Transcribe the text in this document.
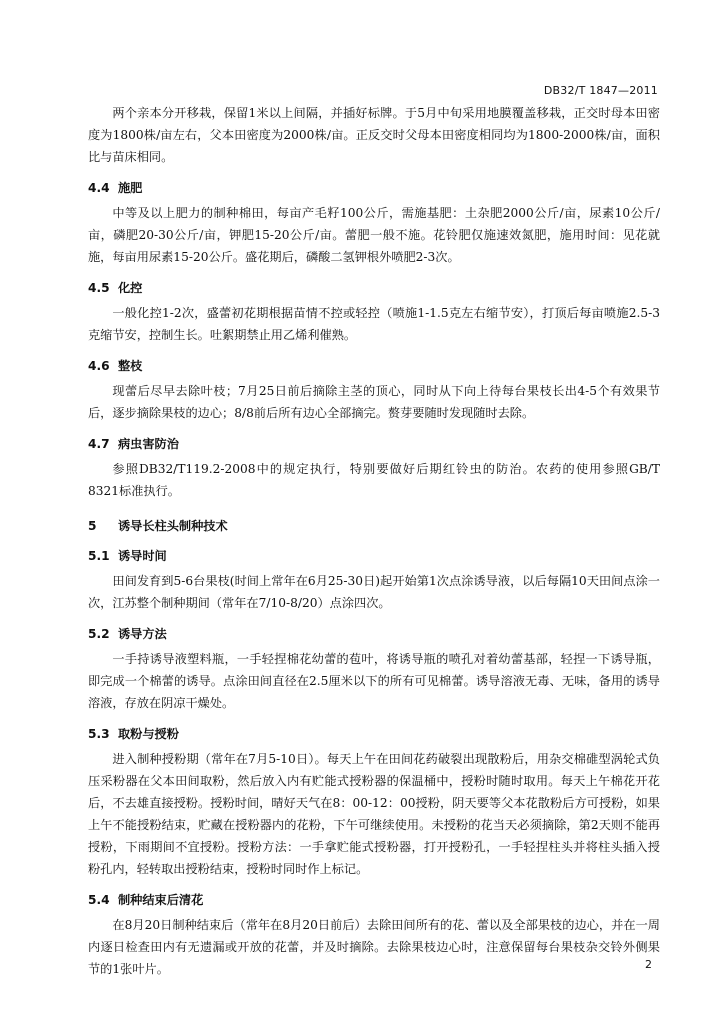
DB32/T 1847—2011
两个亲本分开移栽，保留1米以上间隔，并插好标牌。于5月中旬采用地膜覆盖移栽，正交时母本田密度为1800株/亩左右，父本田密度为2000株/亩。正反交时父母本田密度相同均为1800-2000株/亩，面积比与苗床相同。
4.4 施肥
中等及以上肥力的制种棉田，每亩产毛籽100公斤，需施基肥：土杂肥2000公斤/亩，尿素10公斤/亩，磷肥20-30公斤/亩，钾肥15-20公斤/亩。蕾肥一般不施。花铃肥仅施速效氮肥，施用时间：见花就施，每亩用尿素15-20公斤。盛花期后，磷酸二氢钾根外喷肥2-3次。
4.5 化控
一般化控1-2次，盛蕾初花期根据苗情不控或轻控（喷施1-1.5克左右缩节安），打顶后每亩喷施2.5-3克缩节安，控制生长。吐絮期禁止用乙烯利催熟。
4.6 整枝
现蕾后尽早去除叶枝；7月25日前后摘除主茎的顶心，同时从下向上待每台果枝长出4-5个有效果节后，逐步摘除果枝的边心；8/8前后所有边心全部摘完。赘芽要随时发现随时去除。
4.7 病虫害防治
参照DB32/T119.2-2008中的规定执行，特别要做好后期红铃虫的防治。农药的使用参照GB/T 8321标准执行。
5 诱导长柱头制种技术
5.1 诱导时间
田间发育到5-6台果枝(时间上常年在6月25-30日)起开始第1次点涂诱导液，以后每隔10天田间点涂一次，江苏整个制种期间（常年在7/10-8/20）点涂四次。
5.2 诱导方法
一手持诱导液塑料瓶，一手轻捏棉花幼蕾的苞叶，将诱导瓶的喷孔对着幼蕾基部，轻捏一下诱导瓶，即完成一个棉蕾的诱导。点涂田间直径在2.5厘米以下的所有可见棉蕾。诱导溶液无毒、无味，备用的诱导溶液，存放在阴凉干燥处。
5.3 取粉与授粉
进入制种授粉期（常年在7月5-10日）。每天上午在田间花药破裂出现散粉后，用杂交棉碓型涡轮式负压采粉器在父本田间取粉，然后放入内有贮能式授粉器的保温桶中，授粉时随时取用。每天上午棉花开花后，不去雄直接授粉。授粉时间，晴好天气在8：00-12：00授粉，阴天要等父本花散粉后方可授粉，如果上午不能授粉结束，贮藏在授粉器内的花粉，下午可继续使用。未授粉的花当天必须摘除，第2天则不能再授粉，下雨期间不宜授粉。授粉方法：一手拿贮能式授粉器，打开授粉孔，一手轻捏柱头并将柱头插入授粉孔内，轻转取出授粉结束，授粉时同时作上标记。
5.4 制种结束后清花
在8月20日制种结束后（常年在8月20日前后）去除田间所有的花、蕾以及全部果枝的边心，并在一周内逐日检查田内有无遗漏或开放的花蕾，并及时摘除。去除果枝边心时，注意保留每台果枝杂交铃外侧果节的1张叶片。	2
